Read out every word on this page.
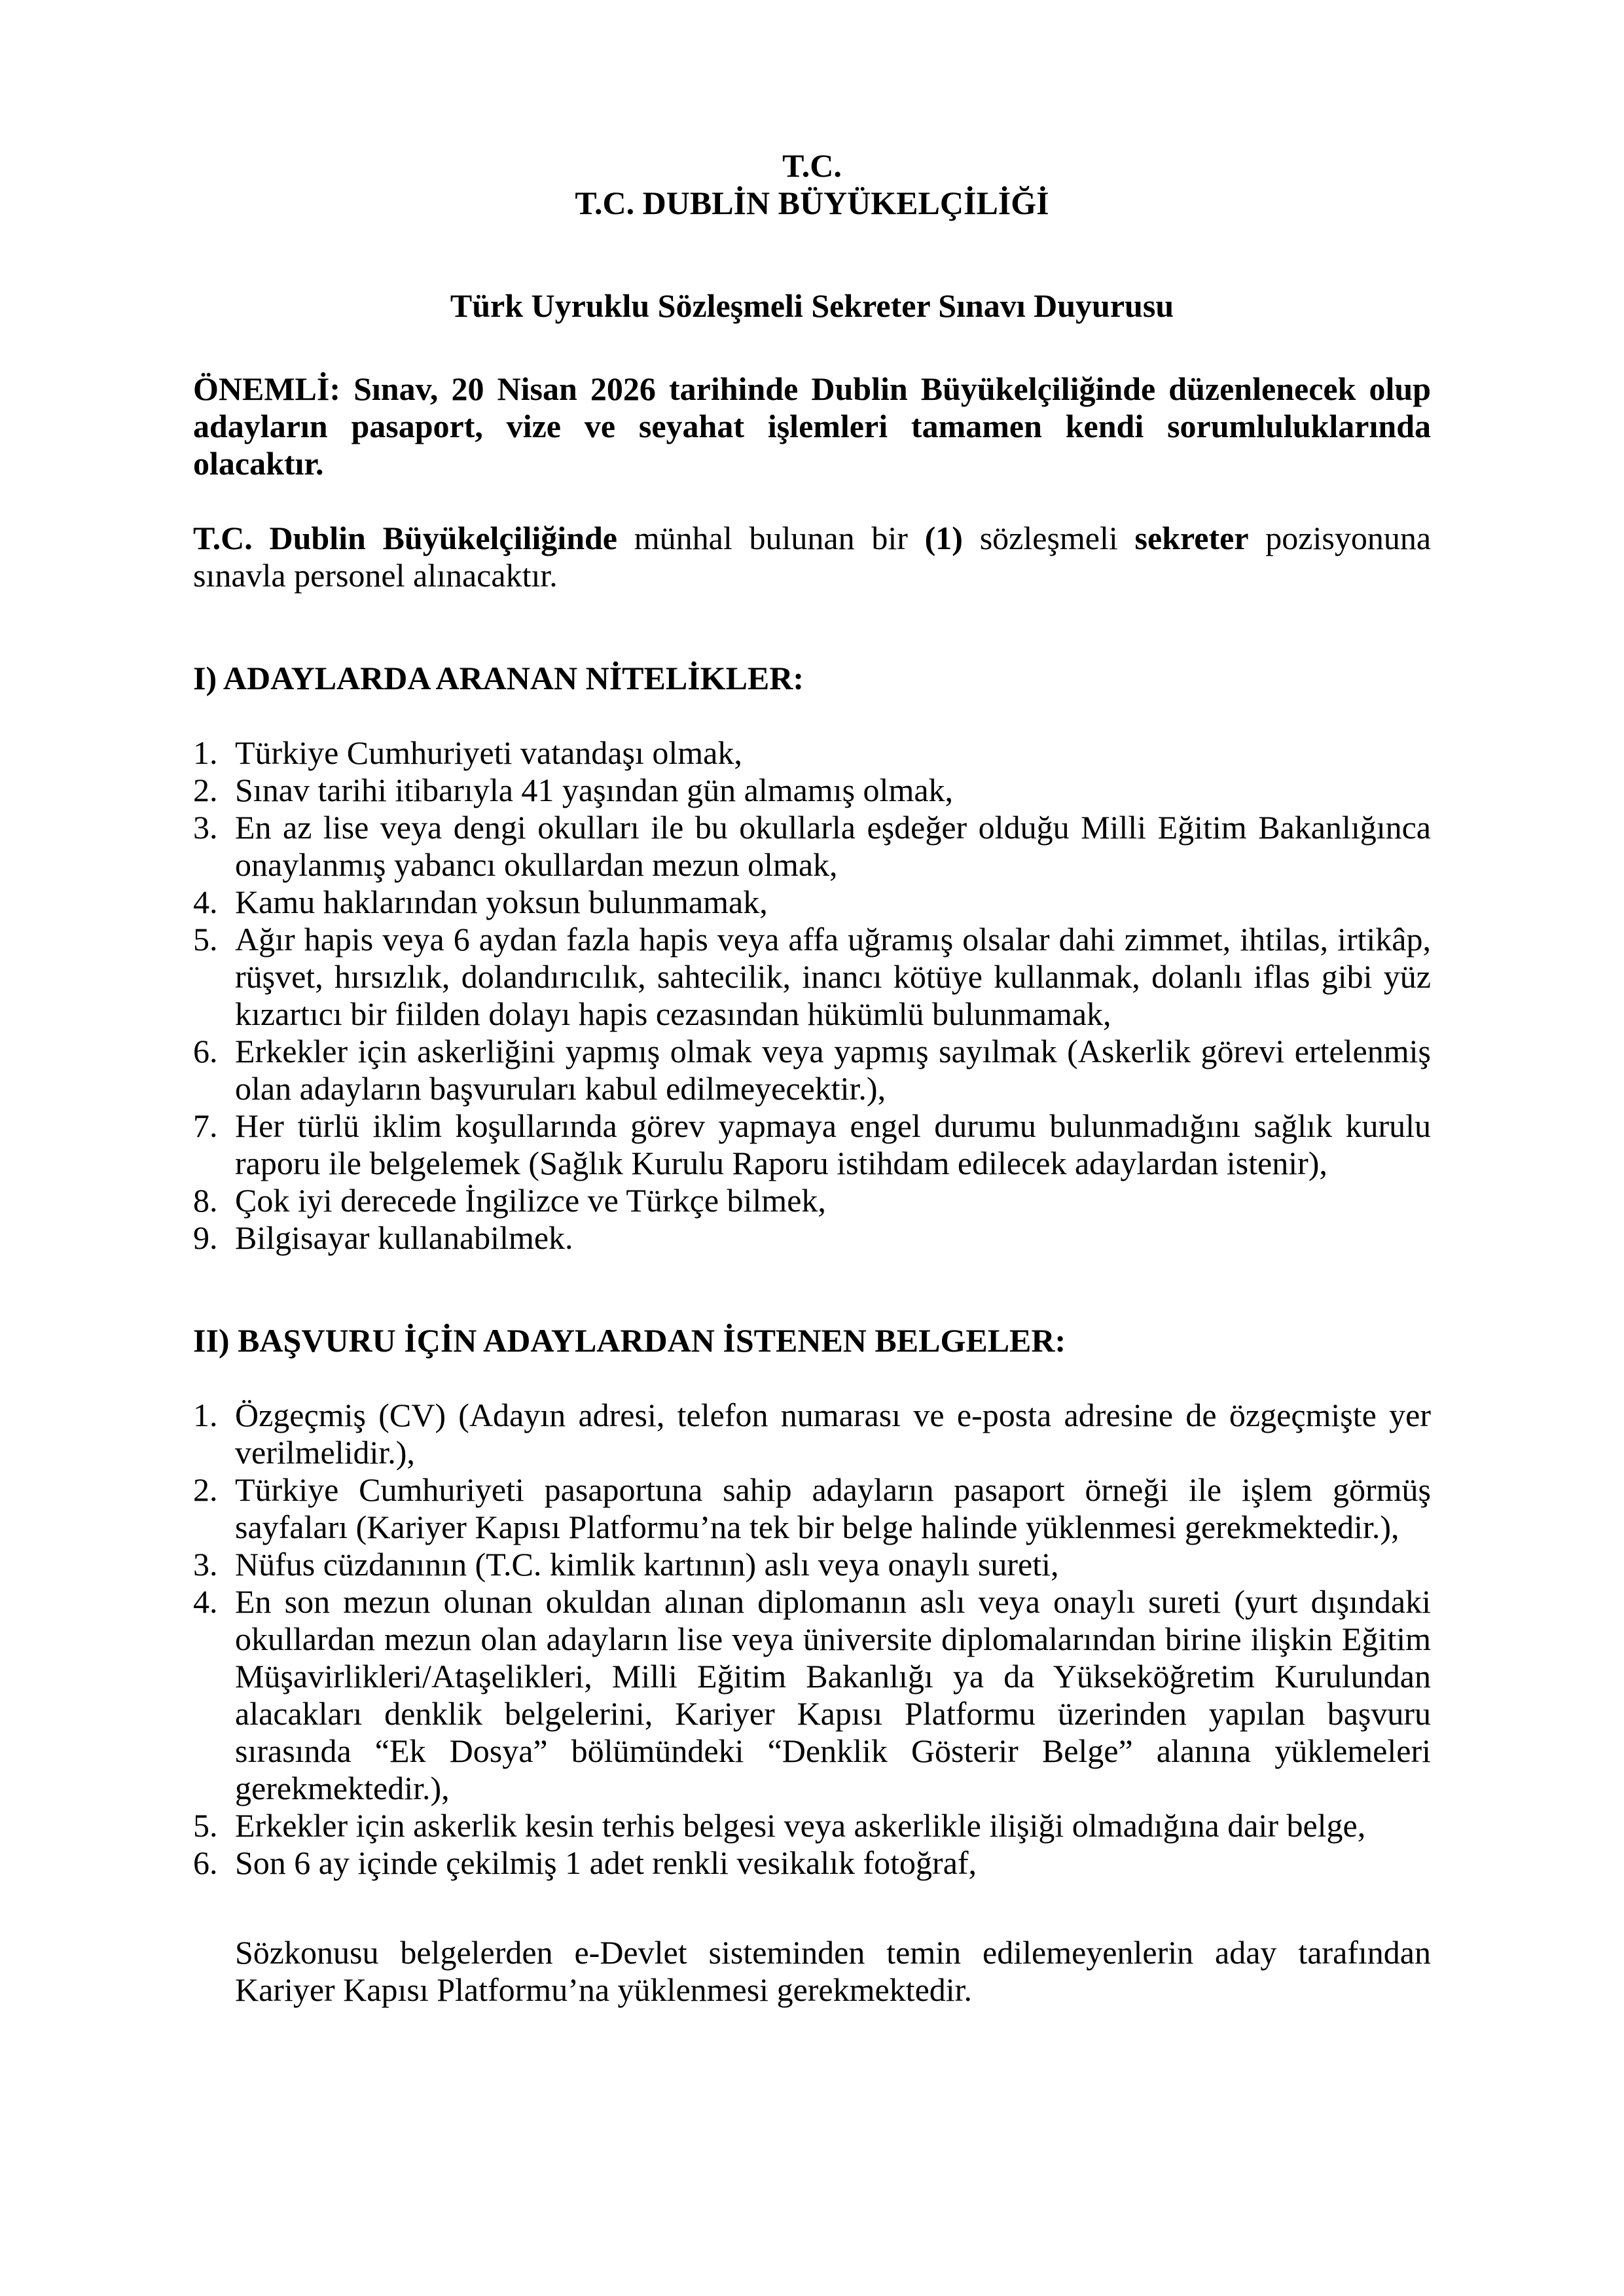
T.C.
T.C. DUBLİN BÜYÜKELÇİLİĞİ
Türk Uyruklu Sözleşmeli Sekreter Sınavı Duyurusu

ÖNEMLİ: Sınav, 20 Nisan 2026 tarihinde Dublin Büyükelçiliğinde düzenlenecek olup adayların pasaport, vize ve seyahat işlemleri tamamen kendi sorumluluklarında olacaktır.

T.C. Dublin Büyükelçiliğinde münhal bulunan bir (1) sözleşmeli sekreter pozisyonuna sınavla personel alınacaktır.

I) ADAYLARDA ARANAN NİTELİKLER:
1. Türkiye Cumhuriyeti vatandaşı olmak,
2. Sınav tarihi itibarıyla 41 yaşından gün almamış olmak,
3. En az lise veya dengi okulları ile bu okullarla eşdeğer olduğu Milli Eğitim Bakanlığınca onaylanmış yabancı okullardan mezun olmak,
4. Kamu haklarından yoksun bulunmamak,
5. Ağır hapis veya 6 aydan fazla hapis veya affa uğramış olsalar dahi zimmet, ihtilas, irtikâp, rüşvet, hırsızlık, dolandırıcılık, sahtecilik, inancı kötüye kullanmak, dolanlı iflas gibi yüz kızartıcı bir fiilden dolayı hapis cezasından hükümlü bulunmamak,
6. Erkekler için askerliğini yapmış olmak veya yapmış sayılmak (Askerlik görevi ertelenmiş olan adayların başvuruları kabul edilmeyecektir.),
7. Her türlü iklim koşullarında görev yapmaya engel durumu bulunmadığını sağlık kurulu raporu ile belgelemek (Sağlık Kurulu Raporu istihdam edilecek adaylardan istenir),
8. Çok iyi derecede İngilizce ve Türkçe bilmek,
9. Bilgisayar kullanabilmek.
II) BAŞVURU İÇİN ADAYLARDAN İSTENEN BELGELER:
1. Özgeçmiş (CV) (Adayın adresi, telefon numarası ve e-posta adresine de özgeçmişte yer verilmelidir.),
2. Türkiye Cumhuriyeti pasaportuna sahip adayların pasaport örneği ile işlem görmüş sayfaları (Kariyer Kapısı Platformu’na tek bir belge halinde yüklenmesi gerekmektedir.),
3. Nüfus cüzdanının (T.C. kimlik kartının) aslı veya onaylı sureti,
4. En son mezun olunan okuldan alınan diplomanın aslı veya onaylı sureti (yurt dışındaki okullardan mezun olan adayların lise veya üniversite diplomalarından birine ilişkin Eğitim Müşavirlikleri/Ataşelikleri, Milli Eğitim Bakanlığı ya da Yükseköğretim Kurulundan alacakları denklik belgelerini, Kariyer Kapısı Platformu üzerinden yapılan başvuru sırasında “Ek Dosya” bölümündeki “Denklik Gösterir Belge” alanına yüklemeleri gerekmektedir.),
5. Erkekler için askerlik kesin terhis belgesi veya askerlikle ilişiği olmadığına dair belge,
6. Son 6 ay içinde çekilmiş 1 adet renkli vesikalık fotoğraf,

Sözkonusu belgelerden e-Devlet sisteminden temin edilemeyenlerin aday tarafından Kariyer Kapısı Platformu’na yüklenmesi gerekmektedir.
